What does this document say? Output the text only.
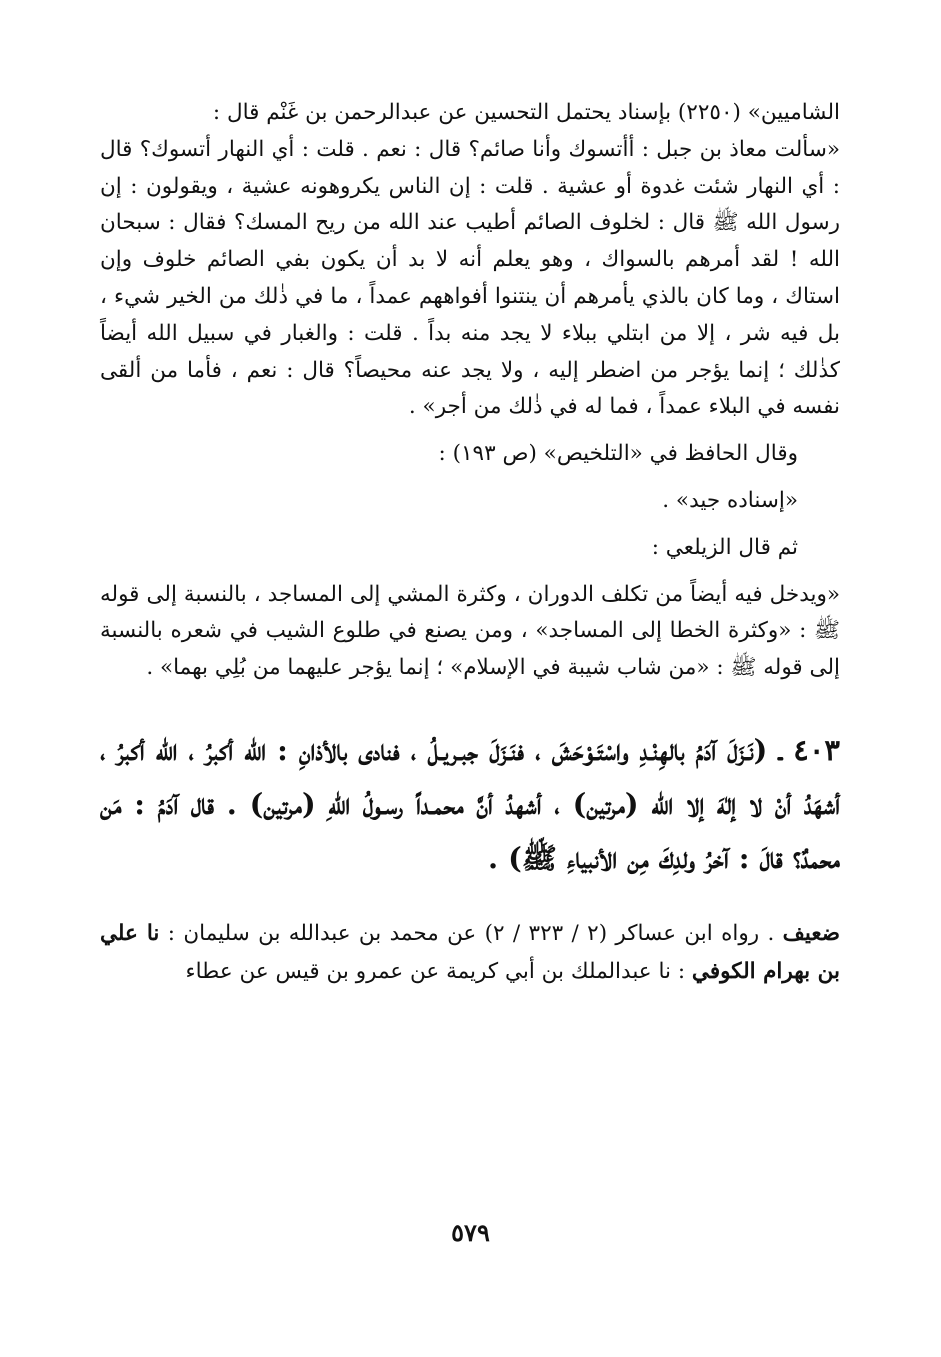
الشاميين» (٢٢٥٠) بإسناد يحتمل التحسين عن عبدالرحمن بن غَنْم قال :

«سألت معاذ بن جبل : أأتسوك وأنا صائم؟ قال : نعم . قلت : أي النهار أتسوك؟ قال : أي النهار شئت غدوة أو عشية . قلت : إن الناس يكروهونه عشية ، ويقولون : إن رسول الله ﷺ قال : لخلوف الصائم أطيب عند الله من ريح المسك؟ فقال : سبحان الله ! لقد أمرهم بالسواك ، وهو يعلم أنه لا بد أن يكون بفي الصائم خلوف وإن استاك ، وما كان بالذي يأمرهم أن ينتنوا أفواههم عمداً ، ما في ذٰلك من الخير شيء ، بل فيه شر ، إلا من ابتلي ببلاء لا يجد منه بداً . قلت : والغبار في سبيل الله أيضاً كذٰلك ؛ إنما يؤجر من اضطر إليه ، ولا يجد عنه محيصاً؟ قال : نعم ، فأما من ألقى نفسه في البلاء عمداً ، فما له في ذٰلك من أجر» .

وقال الحافظ في «التلخيص» (ص ١٩٣) :

«إسناده جيد» .

ثم قال الزيلعي :

«ويدخل فيه أيضاً من تكلف الدوران ، وكثرة المشي إلى المساجد ، بالنسبة إلى قوله ﷺ : «وكثرة الخطا إلى المساجد» ، ومن يصنع في طلوع الشيب في شعره بالنسبة إلى قوله ﷺ : «من شاب شيبة في الإسلام» ؛ إنما يؤجر عليهما من بُلِي بهما» .

٤٠٣ ـ (نَـزَلَ آدَمُ بالهِنْـدِ واسْتَـوْحَشَ ، فنَـزَلَ جبـريـلُ ، فنادى بالأذانِ : الله أكبرُ ، الله أكبرُ ، أشهَدُ أنْ لا إلٰهَ إلا الله (مرتين) ، أشهدُ أنَّ محمـداً رسـولُ اللهِ (مرتين) . قال آدَمُ : مَن محمدٌ؟ قالَ : آخرُ ولدِكَ مِن الأنبياءِ ﷺ) .

ضعيف . رواه ابن عساكر (٢ / ٣٢٣ / ٢) عن محمد بن عبدالله بن سليمان : نا علي بن بهرام الكوفي : نا عبدالملك بن أبي كريمة عن عمرو بن قيس عن عطاء

٥٧٩
